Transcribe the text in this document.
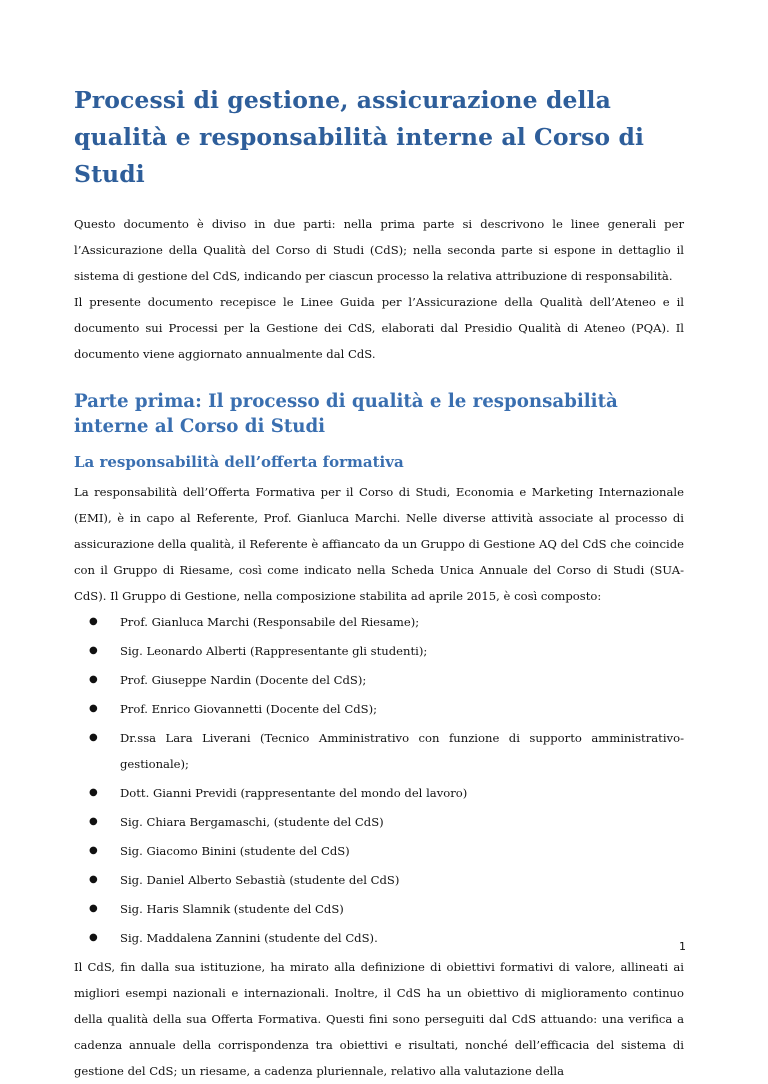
Processi di gestione, assicurazione della qualità e responsabilità interne al Corso di Studi

Questo documento è diviso in due parti: nella prima parte si descrivono le linee generali per l’Assicurazione della Qualità del Corso di Studi (CdS); nella seconda parte si espone in dettaglio il sistema di gestione del CdS, indicando per ciascun processo la relativa attribuzione di responsabilità.

Il presente documento recepisce le Linee Guida per l’Assicurazione della Qualità dell’Ateneo e il documento sui Processi per la Gestione dei CdS, elaborati dal Presidio Qualità di Ateneo (PQA). Il documento viene aggiornato annualmente dal CdS.

Parte prima: Il processo di qualità e le responsabilità interne al Corso di Studi
La responsabilità dell’offerta formativa

La responsabilità dell’Offerta Formativa per il Corso di Studi, Economia e Marketing Internazionale (EMI), è in capo al Referente, Prof. Gianluca Marchi. Nelle diverse attività associate al processo di assicurazione della qualità, il Referente è affiancato da un Gruppo di Gestione AQ del CdS che coincide con il Gruppo di Riesame, così come indicato nella Scheda Unica Annuale del Corso di Studi (SUA-CdS). Il Gruppo di Gestione, nella composizione stabilita ad aprile 2015, è così composto:

● Prof. Gianluca Marchi (Responsabile del Riesame);
● Sig. Leonardo Alberti (Rappresentante gli studenti);
● Prof. Giuseppe Nardin (Docente del CdS);
● Prof. Enrico Giovannetti (Docente del CdS);
● Dr.ssa Lara Liverani (Tecnico Amministrativo con funzione di supporto amministrativo-gestionale);
● Dott. Gianni Previdi (rappresentante del mondo del lavoro)
● Sig. Chiara Bergamaschi, (studente del CdS)
● Sig. Giacomo Binini (studente del CdS)
● Sig. Daniel Alberto Sebastià (studente del CdS)
● Sig. Haris Slamnik (studente del CdS)
● Sig. Maddalena Zannini (studente del CdS).

Il CdS, fin dalla sua istituzione, ha mirato alla definizione di obiettivi formativi di valore, allineati ai migliori esempi nazionali e internazionali. Inoltre, il CdS ha un obiettivo di miglioramento continuo della qualità della sua Offerta Formativa. Questi fini sono perseguiti dal CdS attuando: una verifica a cadenza annuale della corrispondenza tra obiettivi e risultati, nonché dell’efficacia del sistema di gestione del CdS; un riesame, a cadenza pluriennale, relativo alla valutazione della

1
